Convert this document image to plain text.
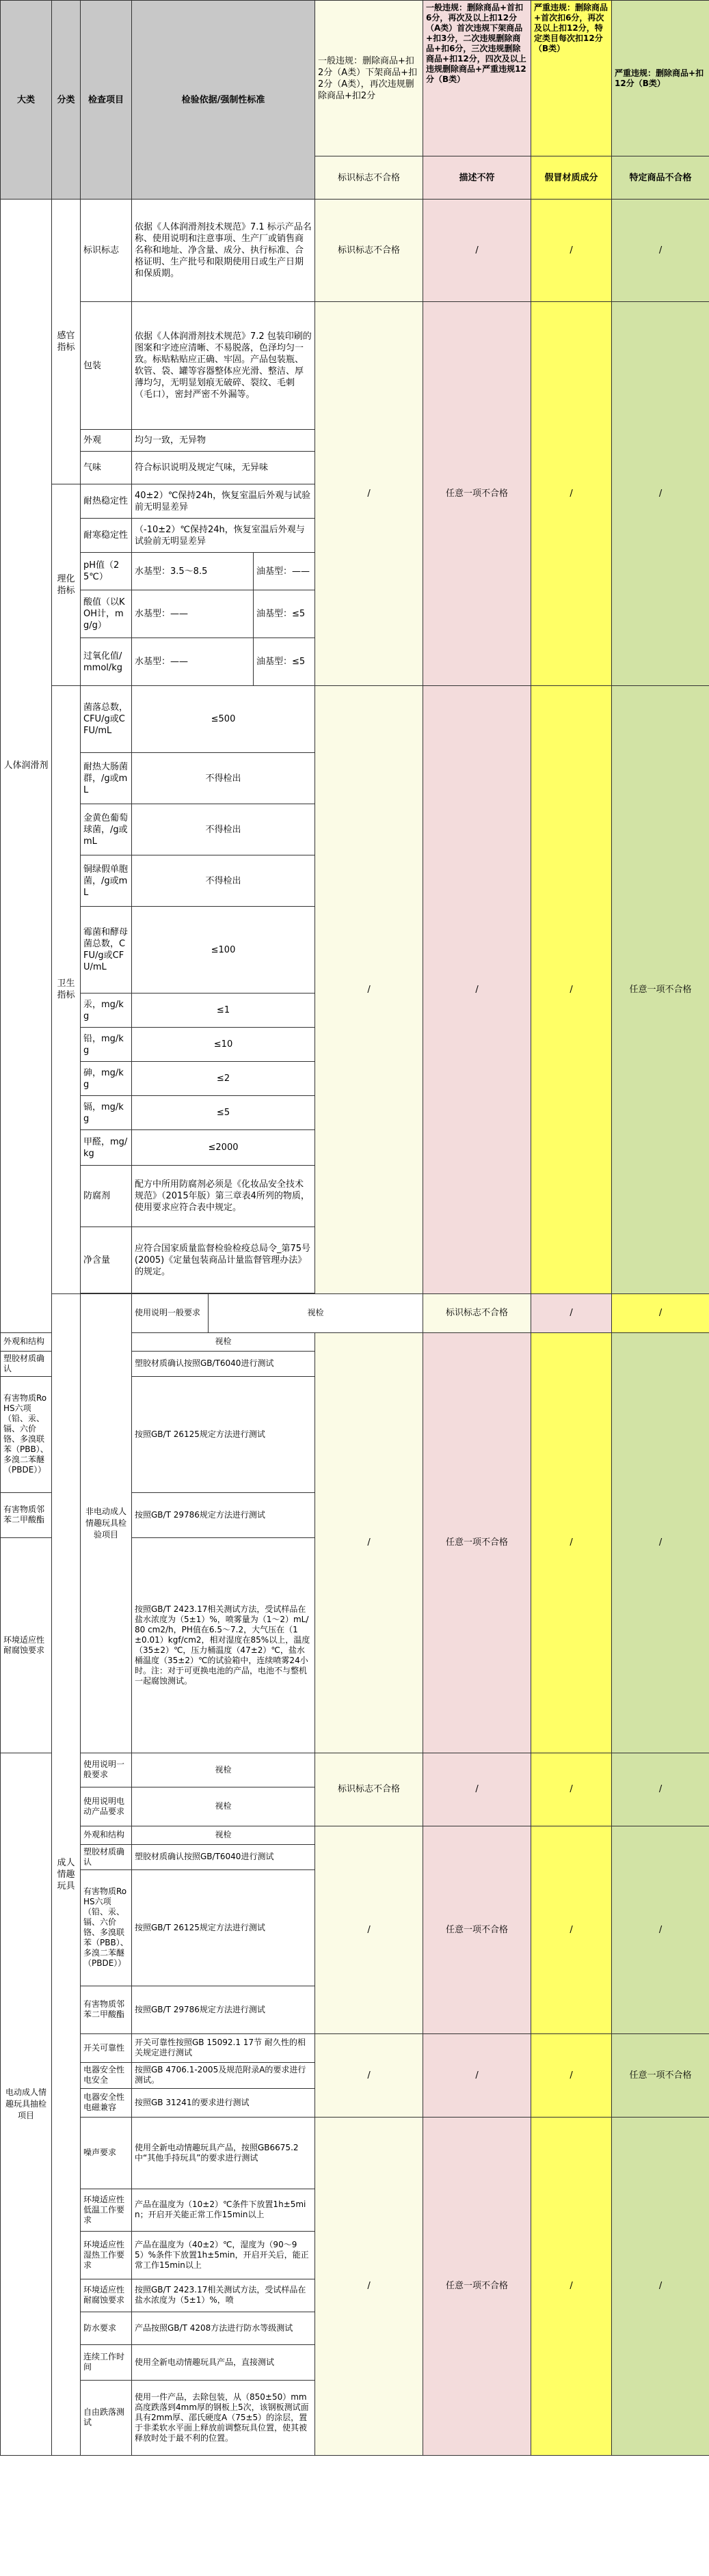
大类	分类	检查项目	检验依据/强制性标准			一般违规：删除商品+扣2分（A类）下架商品+扣2分（A类），再次违规删除商品+扣2分	一般违规：删除商品+首扣6分，再次及以上扣12分（A类）首次违规下架商品+扣3分，二次违规删除商品+扣6分，三次违规删除商品+扣12分，四次及以上违规删除商品+严重违规12分（B类）	严重违规：删除商品+首次扣6分，再次及以上扣12分，特定类目每次扣12分（B类）	严重违规：删除商品+扣12分（B类）	
						标识标志不合格	描述不符	假冒材质成分	特定商品不合格	
人体润滑剂	感官指标	标识标志	依据《人体润滑剂技术规范》7.1 标示产品名称、使用说明和注意事项、生产厂或销售商名称和地址、净含量、成分、执行标准、合格证明、生产批号和限期使用日或生产日期和保质期。			标识标志不合格	/	/	/	
		包装	依据《人体润滑剂技术规范》7.2 包装印刷的图案和字迹应清晰、不易脱落，色泽均匀一致。标贴粘贴应正确、牢固。产品包装瓶、软管、袋、罐等容器整体应光滑、整洁、厚薄均匀，无明显划痕无破碎、裂纹、毛刺（毛口），密封严密不外漏等。			/	任意一项不合格	/	/	
		外观	均匀一致，无异物							
		气味	符合标识说明及规定气味，无异味							
	理化指标	耐热稳定性	40±2）℃保持24h，恢复室温后外观与试验前无明显差异							
		耐寒稳定性	（-10±2）℃保持24h，恢复室温后外观与试验前无明显差异							
		pH值（25℃）	水基型：3.5～8.5		油基型：——					
		酸值（以KOH计，mg/g）	水基型：——		油基型：≤5					
		过氧化值/mmol/kg	水基型：——		油基型：≤5					
	卫生指标	菌落总数，CFU/g或CFU/mL	≤500			/	/	/	任意一项不合格	
		耐热大肠菌群，/g或mL	不得检出							
		金黄色葡萄球菌，/g或mL	不得检出							
		铜绿假单胞菌，/g或mL	不得检出							
		霉菌和酵母菌总数，CFU/g或CFU/mL	≤100							
		汞，mg/kg	≤1							
		铅，mg/kg	≤10							
		砷，mg/kg	≤2							
		镉，mg/kg	≤5							
		甲醛，mg/kg	≤2000							
		防腐剂	配方中所用防腐剂必须是《化妆品安全技术规范》（2015年版）第三章表4所列的物质，使用要求应符合表中规定。							
		净含量	应符合国家质量监督检验检疫总局令_第75号(2005)《定量包装商品计量监督管理办法》的规定。							

	成人情趣玩具	非电动成人情趣玩具检验项目	使用说明一般要求	视检			标识标志不合格	/	/	
外观和结构			视检			/	任意一项不合格	/	/	
塑胶材质确认			塑胶材质确认按照GB/T6040进行测试							
有害物质RoHS六项（铅、汞、镉、六价铬、多溴联苯（PBB）、多溴二苯醚（PBDE））			按照GB/T 26125规定方法进行测试							
有害物质邻苯二甲酸酯			按照GB/T 29786规定方法进行测试							
环境适应性耐腐蚀要求			按照GB/T 2423.17相关测试方法，受试样品在盐水浓度为（5±1）%，喷雾量为（1～2）mL/80 cm2/h，PH值在6.5～7.2，大气压在（1±0.01）kgf/cm2，相对湿度在85%以上，温度（35±2）℃，压力桶温度（47±2）℃，盐水桶温度（35±2）℃的试验箱中，连续喷雾24小时。注：对于可更换电池的产品，电池不与整机一起腐蚀测试。							
电动成人情趣玩具抽检项目		使用说明一般要求	视检			标识标志不合格	/	/	/	
		使用说明电动产品要求	视检							
		外观和结构	视检			/	任意一项不合格	/	/	
		塑胶材质确认	塑胶材质确认按照GB/T6040进行测试							
		有害物质RoHS六项（铅、汞、镉、六价铬、多溴联苯（PBB）、多溴二苯醚（PBDE））	按照GB/T 26125规定方法进行测试							
		有害物质邻苯二甲酸酯	按照GB/T 29786规定方法进行测试							
		开关可靠性	开关可靠性按照GB 15092.1 17节 耐久性的相关规定进行测试			/	/	/	任意一项不合格	
		电器安全性电安全	按照GB 4706.1-2005及规范附录A的要求进行测试。							
		电器安全性电磁兼容	按照GB 31241的要求进行测试							
		噪声要求	使用全新电动情趣玩具产品，按照GB6675.2中“其他手持玩具”的要求进行测试			/	任意一项不合格	/	/	
		环境适应性低温工作要求	产品在温度为（10±2）℃条件下放置1h±5min；开启开关能正常工作15min以上							
		环境适应性湿热工作要求	产品在温度为（40±2）℃，湿度为（90～95）%条件下放置1h±5min，开启开关后，能正常工作15min以上							
		环境适应性耐腐蚀要求	按照GB/T 2423.17相关测试方法，受试样品在盐水浓度为（5±1）%，喷							
		防水要求	产品按照GB/T 4208方法进行防水等级测试							
		连续工作时间	使用全新电动情趣玩具产品，直接测试							
		自由跌落测试	使用一件产品，去除包装，从（850±50）mm高度跌落到4mm厚的钢板上5次，该钢板测试面具有2mm厚、邵氏硬度A（75±5）的涂层，置于非柔软水平面上释放前调整玩具位置，使其被释放时处于最不利的位置。							
